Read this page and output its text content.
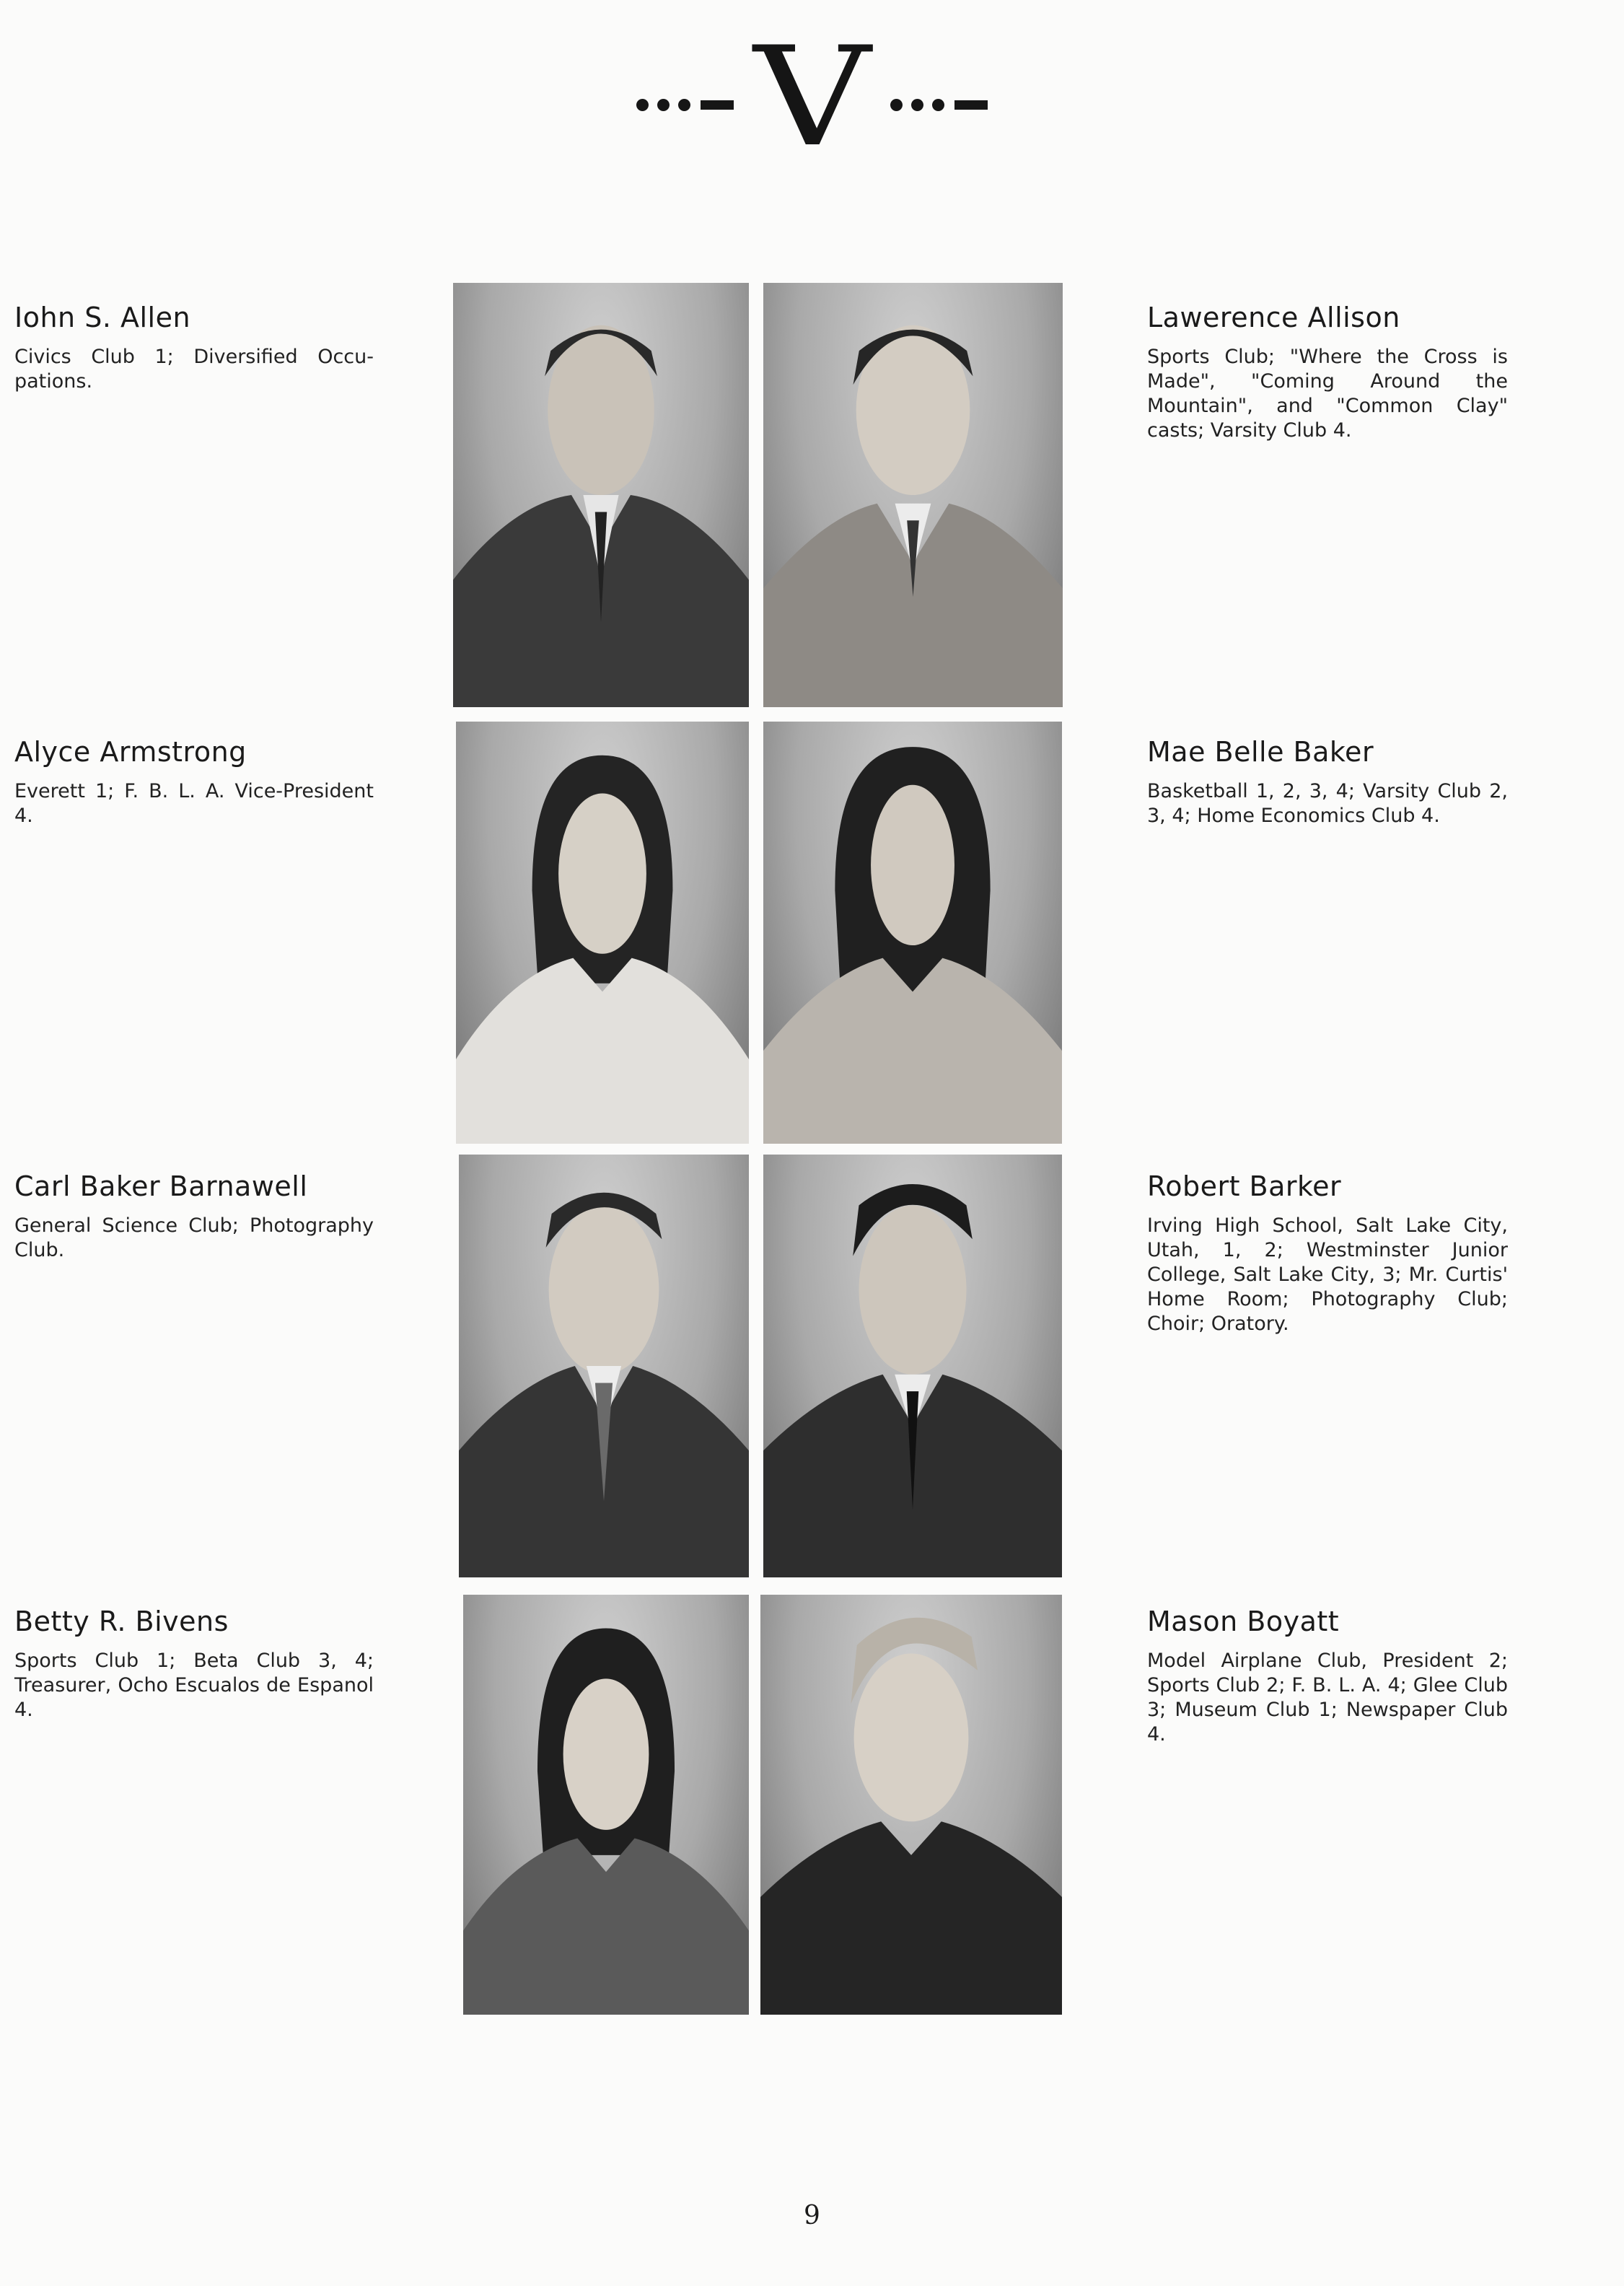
V
Iohn S. Allen
Civics Club 1; Diversified Occu-pations.
Lawerence Allison
Sports Club; "Where the Cross is Made", "Coming Around the Mountain", and "Common Clay" casts; Varsity Club 4.
Alyce Armstrong
Everett 1; F. B. L. A. Vice-President 4.
Mae Belle Baker
Basketball 1, 2, 3, 4; Varsity Club 2, 3, 4; Home Economics Club 4.
Carl Baker Barnawell
General Science Club; Photography Club.
Robert Barker
Irving High School, Salt Lake City, Utah, 1, 2; Westminster Junior College, Salt Lake City, 3; Mr. Curtis' Home Room; Photography Club; Choir; Oratory.
Betty R. Bivens
Sports Club 1; Beta Club 3, 4; Treasurer, Ocho Escualos de Espanol 4.
Mason Boyatt
Model Airplane Club, President 2; Sports Club 2; F. B. L. A. 4; Glee Club 3; Museum Club 1; Newspaper Club 4.
9
